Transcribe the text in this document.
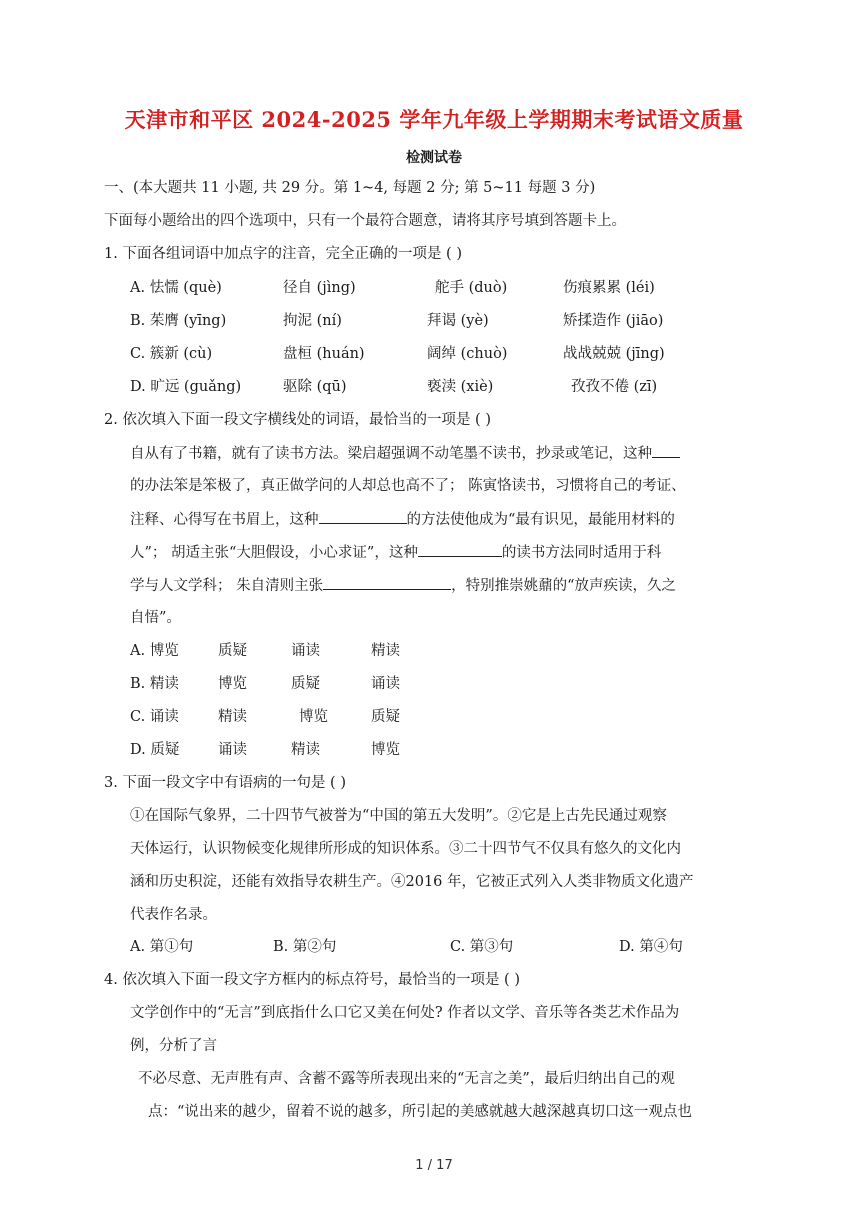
天津市和平区 2024-2025 学年九年级上学期期末考试语文质量
检测试卷
一、(本大题共 11 小题, 共 29 分。第 1~4, 每题 2 分; 第 5~11 每题 3 分)
下面每小题给出的四个选项中，只有一个最符合题意，请将其序号填到答题卡上。
1. 下面各组词语中加点字的注音，完全正确的一项是 ( )
A. 怯懦 (què)	径自 (jìng)	舵手 (duò)	伤痕累累 (léi)
B. 茱膺 (yīng)	拘泥 (ní)	拜谒 (yè)	矫揉造作 (jiāo)
C. 簇新 (cù)	盘桓 (huán)	阔绰 (chuò)	战战兢兢 (jīng)
D. 旷远 (guǎng)	驱除 (qū)	亵渎 (xiè)	孜孜不倦 (zī)
2. 依次填入下面一段文字横线处的词语，最恰当的一项是 ( )
自从有了书籍，就有了读书方法。梁启超强调不动笔墨不读书，抄录或笔记，这种
的办法笨是笨极了，真正做学问的人却总也高不了； 陈寅恪读书，习惯将自己的考证、
注释、心得写在书眉上，这种	的方法使他成为“最有识见，最能用材料的
人”； 胡适主张“大胆假设，小心求证”，这种	的读书方法同时适用于科
学与人文学科； 朱自清则主张	，特别推崇姚鼐的“放声疾读，久之
自悟”。
A. 博览	质疑	诵读	精读
B. 精读	博览	质疑	诵读
C. 诵读	精读	博览	质疑
D. 质疑	诵读	精读	博览
3. 下面一段文字中有语病的一句是 ( )
①在国际气象界，二十四节气被誉为“中国的第五大发明”。②它是上古先民通过观察
天体运行，认识物候变化规律所形成的知识体系。③二十四节气不仅具有悠久的文化内
涵和历史积淀，还能有效指导农耕生产。④2016 年，它被正式列入人类非物质文化遗产
代表作名录。
A. 第①句	B. 第②句	C. 第③句	D. 第④句
4. 依次填入下面一段文字方框内的标点符号，最恰当的一项是 ( )
文学创作中的“无言”到底指什么口它又美在何处? 作者以文学、音乐等各类艺术作品为
例，分析了言
不必尽意、无声胜有声、含蓄不露等所表现出来的“无言之美”，最后归纳出自己的观
点：“说出来的越少，留着不说的越多，所引起的美感就越大越深越真切口这一观点也
1 / 17
